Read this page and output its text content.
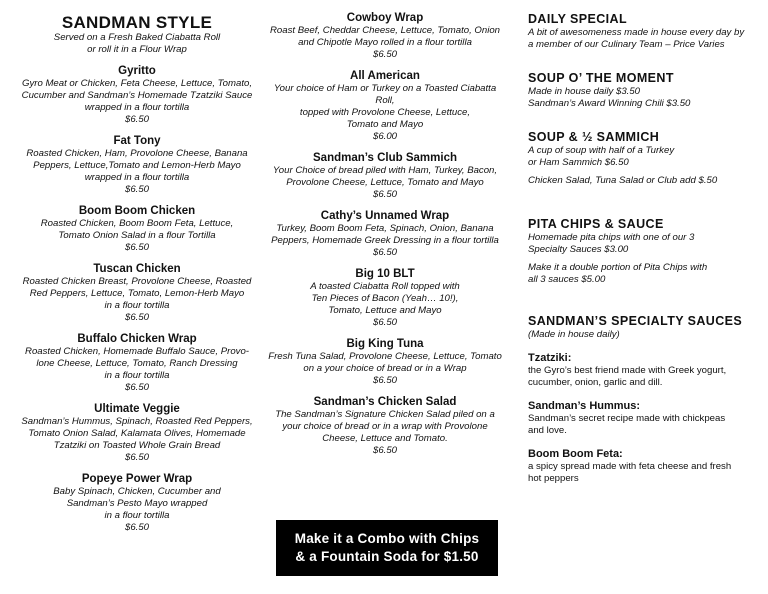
SANDMAN STYLE
Served on a Fresh Baked Ciabatta Roll
or roll it in a Flour Wrap
Gyritto
Gyro Meat or Chicken, Feta Cheese, Lettuce, Tomato,
Cucumber and Sandman’s Homemade Tzatziki Sauce
wrapped in a flour tortilla
$6.50
Fat Tony
Roasted Chicken, Ham, Provolone Cheese, Banana
Peppers, Lettuce,Tomato and Lemon-Herb Mayo
wrapped in a flour tortilla
$6.50
Boom Boom Chicken
Roasted Chicken, Boom Boom Feta, Lettuce,
Tomato Onion Salad in a flour Tortilla
$6.50
Tuscan Chicken
Roasted Chicken Breast, Provolone Cheese, Roasted
Red Peppers, Lettuce, Tomato, Lemon-Herb Mayo
in a flour tortilla
$6.50
Buffalo Chicken Wrap
Roasted Chicken, Homemade Buffalo Sauce, Provo-
lone Cheese, Lettuce, Tomato, Ranch Dressing
in a flour tortilla
$6.50
Ultimate Veggie
Sandman’s Hummus, Spinach, Roasted Red Peppers,
Tomato Onion Salad, Kalamata Olives, Homemade
Tzatziki on Toasted Whole Grain Bread
$6.50
Popeye Power Wrap
Baby Spinach, Chicken, Cucumber and
Sandman’s Pesto Mayo wrapped
in a flour tortilla
$6.50
Cowboy Wrap
Roast Beef, Cheddar Cheese, Lettuce, Tomato, Onion
and Chipotle Mayo rolled in a flour tortilla
$6.50
All American
Your choice of Ham or Turkey on a Toasted Ciabatta Roll,
topped with Provolone Cheese, Lettuce,
Tomato and Mayo
$6.00
Sandman’s Club Sammich
Your Choice of bread piled with Ham, Turkey, Bacon,
Provolone Cheese, Lettuce, Tomato and Mayo
$6.50
Cathy’s Unnamed Wrap
Turkey, Boom Boom Feta, Spinach, Onion, Banana
Peppers, Homemade Greek Dressing in a flour tortilla
$6.50
Big 10 BLT
A toasted Ciabatta Roll topped with
Ten Pieces of Bacon (Yeah… 10!),
Tomato, Lettuce and Mayo
$6.50
Big King Tuna
Fresh Tuna Salad, Provolone Cheese, Lettuce, Tomato
on a your choice of bread or in a Wrap
$6.50
Sandman’s Chicken Salad
The Sandman’s Signature Chicken Salad piled on a
your choice of bread or in a wrap with Provolone
Cheese, Lettuce and Tomato.
$6.50
Make it a Combo with Chips
& a Fountain Soda for $1.50
DAILY SPECIAL
A bit of awesomeness made in house every day by
a member of our Culinary Team – Price Varies
SOUP O’ THE MOMENT
Made in house daily $3.50
Sandman’s Award Winning Chili $3.50
SOUP & ½ SAMMICH
A cup of soup with half of a Turkey
or Ham Sammich $6.50
Chicken Salad, Tuna Salad or Club add $.50
PITA CHIPS & SAUCE
Homemade pita chips with one of our 3
Specialty Sauces $3.00
Make it a double portion of Pita Chips with
all 3 sauces $5.00
SANDMAN’S SPECIALTY SAUCES
(Made in house daily)
Tzatziki:
the Gyro’s best friend made with Greek yogurt,
cucumber, onion, garlic and dill.
Sandman’s Hummus:
Sandman’s secret recipe made with chickpeas
and love.
Boom Boom Feta:
a spicy spread made with feta cheese and fresh
hot peppers
